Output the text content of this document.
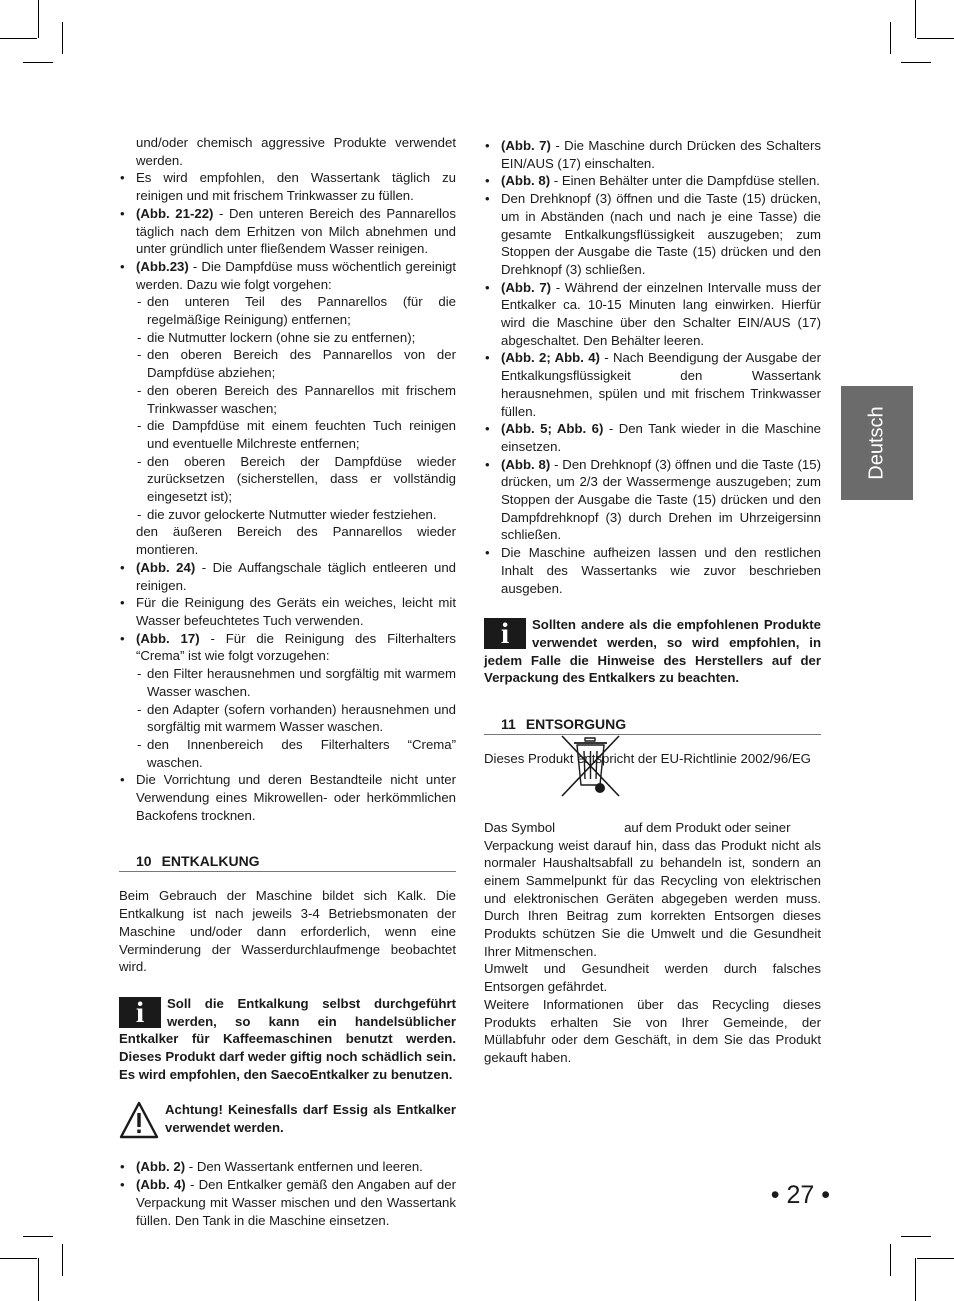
Deutsch

und/oder chemisch aggressive Produkte verwendet werden.

• Es wird empfohlen, den Wassertank täglich zu reinigen und mit frischem Trinkwasser zu füllen.

• (Abb. 21-22) - Den unteren Bereich des Pannarellos täglich nach dem Erhitzen von Milch abnehmen und unter gründlich unter fließendem Wasser reinigen.

• (Abb.23) - Die Dampfdüse muss wöchentlich gereinigt werden. Dazu wie folgt vorgehen:

- den unteren Teil des Pannarellos (für die regelmäßige Reinigung) entfernen;

- die Nutmutter lockern (ohne sie zu entfernen);

- den oberen Bereich des Pannarellos von der Dampfdüse abziehen;

- den oberen Bereich des Pannarellos mit frischem Trinkwasser waschen;

- die Dampfdüse mit einem feuchten Tuch reinigen und eventuelle Milchreste entfernen;

- den oberen Bereich der Dampfdüse wieder zurücksetzen (sicherstellen, dass er vollständig eingesetzt ist);

- die zuvor gelockerte Nutmutter wieder festziehen.

den äußeren Bereich des Pannarellos wieder montieren.

• (Abb. 24) - Die Auffangschale täglich entleeren und reinigen.

• Für die Reinigung des Geräts ein weiches, leicht mit Wasser befeuchtetes Tuch verwenden.

• (Abb. 17) - Für die Reinigung des Filterhalters “Crema” ist wie folgt vorzugehen:

- den Filter herausnehmen und sorgfältig mit warmem Wasser waschen.

- den Adapter (sofern vorhanden) herausnehmen und sorgfältig mit warmem Wasser waschen.

- den Innenbereich des Filterhalters “Crema” waschen.

• Die Vorrichtung und deren Bestandteile nicht unter Verwendung eines Mikrowellen- oder herkömmlichen Backofens trocknen.

10 ENTKALKUNG

Beim Gebrauch der Maschine bildet sich Kalk. Die Entkalkung ist nach jeweils 3-4 Betriebsmonaten der Maschine und/oder dann erforderlich, wenn eine Verminderung der Wasserdurchlaufmenge beobachtet wird.

i	Soll die Entkalkung selbst durchgeführt werden, so kann ein handelsüblicher Entkalker für Kaffeemaschinen benutzt werden. Dieses Produkt darf weder giftig noch schädlich sein. Es wird empfohlen, den SaecoEntkalker zu benutzen.

Achtung! Keinesfalls darf Essig als Entkalker verwendet werden.

• (Abb. 2) - Den Wassertank entfernen und leeren.

• (Abb. 4) - Den Entkalker gemäß den Angaben auf der Verpackung mit Wasser mischen und den Wassertank füllen. Den Tank in die Maschine einsetzen.

• (Abb. 7) - Die Maschine durch Drücken des Schalters EIN/AUS (17) einschalten.

• (Abb. 8) - Einen Behälter unter die Dampfdüse stellen.

• Den Drehknopf (3) öffnen und die Taste (15) drücken, um in Abständen (nach und nach je eine Tasse) die gesamte Entkalkungsflüssigkeit auszugeben; zum Stoppen der Ausgabe die Taste (15) drücken und den Drehknopf (3) schließen.

• (Abb. 7) - Während der einzelnen Intervalle muss der Entkalker ca. 10-15 Minuten lang einwirken. Hierfür wird die Maschine über den Schalter EIN/AUS (17) abgeschaltet. Den Behälter leeren.

• (Abb. 2; Abb. 4) - Nach Beendigung der Ausgabe der Entkalkungsflüssigkeit den Wassertank herausnehmen, spülen und mit frischem Trinkwasser füllen.

• (Abb. 5; Abb. 6) - Den Tank wieder in die Maschine einsetzen.

• (Abb. 8) - Den Drehknopf (3) öffnen und die Taste (15) drücken, um 2/3 der Wassermenge auszugeben; zum Stoppen der Ausgabe die Taste (15) drücken und den Dampfdrehknopf (3) durch Drehen im Uhrzeigersinn schließen.

• Die Maschine aufheizen lassen und den restlichen Inhalt des Wassertanks wie zuvor beschrieben ausgeben.

i	Sollten andere als die empfohlenen Produkte verwendet werden, so wird empfohlen, in jedem Falle die Hinweise des Herstellers auf der Verpackung des Entkalkers zu beachten.

11 ENTSORGUNG

Dieses Produkt entspricht der EU-Richtlinie 2002/96/EG

Das Symbol	auf dem Produkt oder seiner

Verpackung weist darauf hin, dass das Produkt nicht als normaler Haushaltsabfall zu behandeln ist, sondern an einem Sammelpunkt für das Recycling von elektrischen und elektronischen Geräten abgegeben werden muss. Durch Ihren Beitrag zum korrekten Entsorgen dieses Produkts schützen Sie die Umwelt und die Gesundheit Ihrer Mitmenschen.

Umwelt und Gesundheit werden durch falsches Entsorgen gefährdet.

Weitere Informationen über das Recycling dieses Produkts erhalten Sie von Ihrer Gemeinde, der Müllabfuhr oder dem Geschäft, in dem Sie das Produkt gekauft haben.

• 27 •
